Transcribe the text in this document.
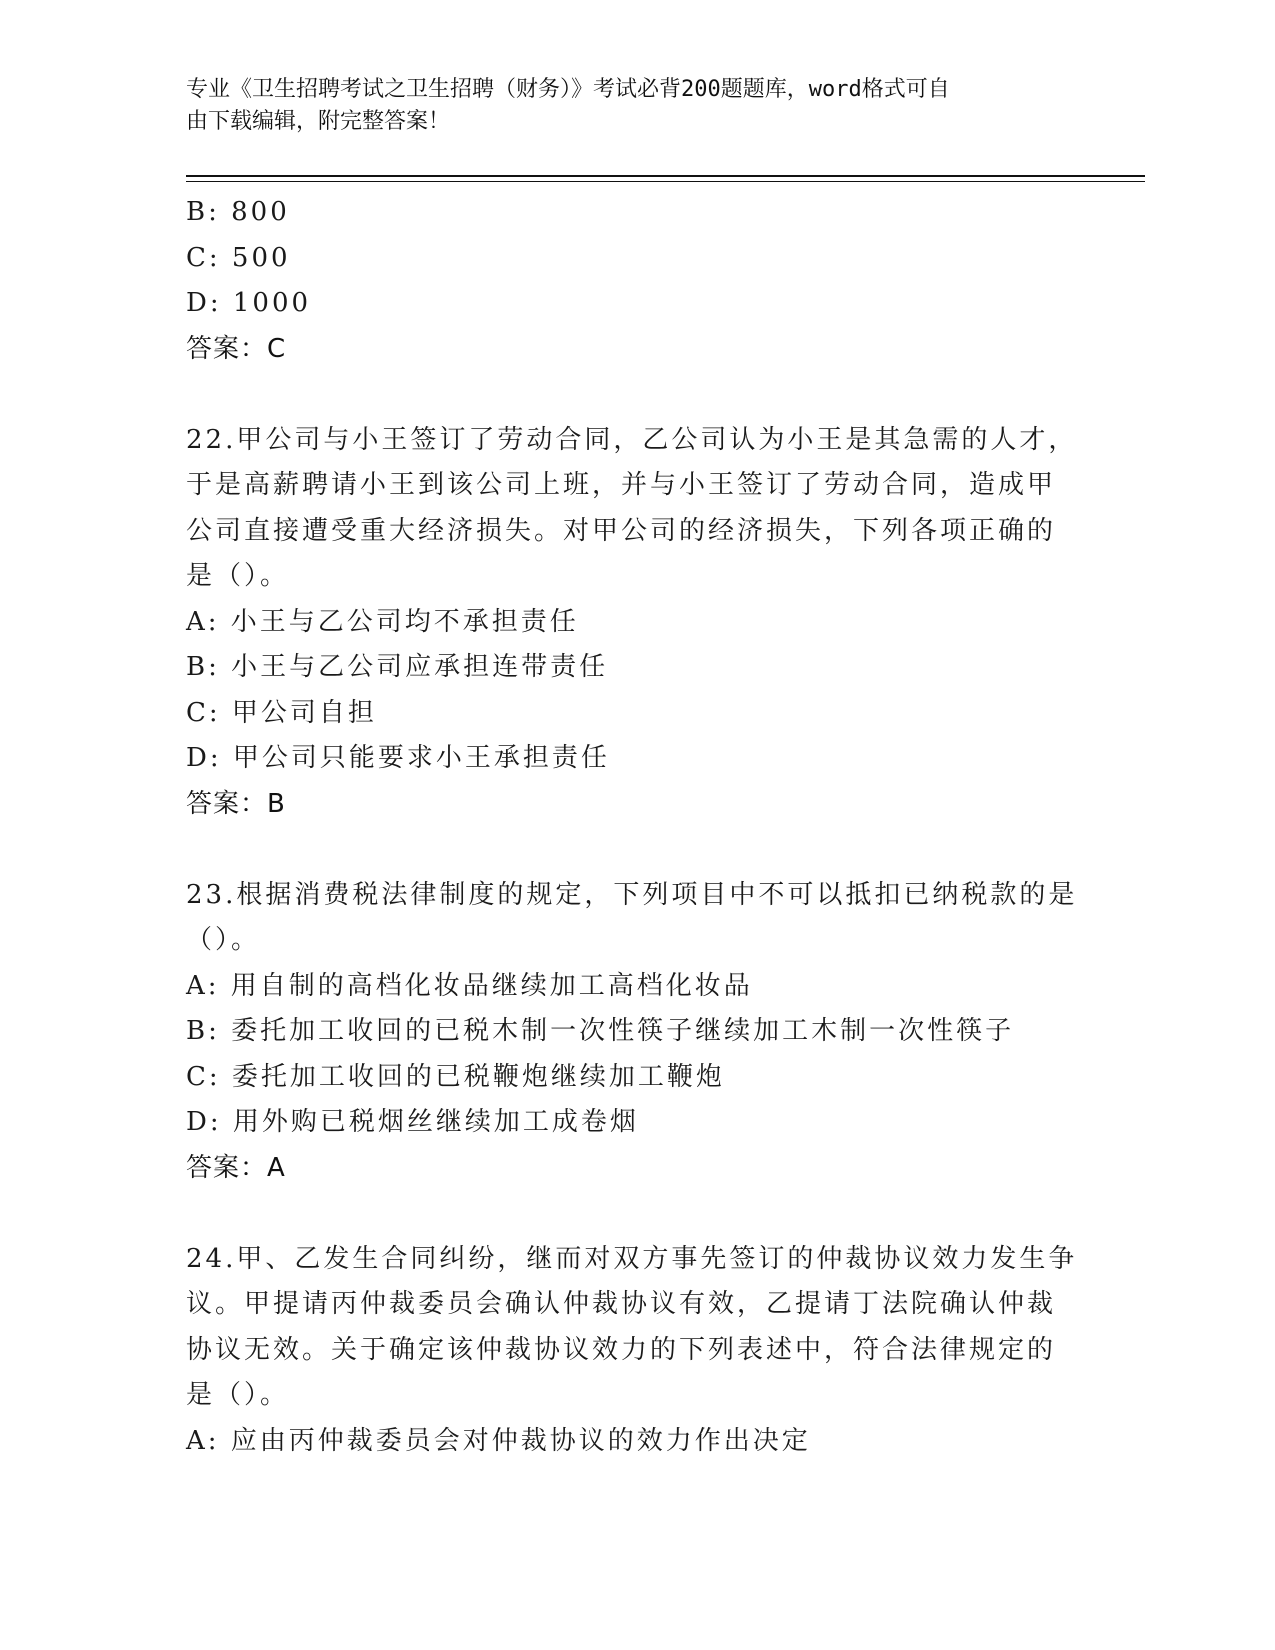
专业《卫生招聘考试之卫生招聘（财务）》考试必背200题题库，word格式可自
由下载编辑，附完整答案！
B: 800
C: 500
D: 1000
答案：C
22.甲公司与小王签订了劳动合同，乙公司认为小王是其急需的人才，
于是高薪聘请小王到该公司上班，并与小王签订了劳动合同，造成甲
公司直接遭受重大经济损失。对甲公司的经济损失，下列各项正确的
是（）。
A: 小王与乙公司均不承担责任
B: 小王与乙公司应承担连带责任
C: 甲公司自担
D: 甲公司只能要求小王承担责任
答案：B
23.根据消费税法律制度的规定，下列项目中不可以抵扣已纳税款的是
（）。
A: 用自制的高档化妆品继续加工高档化妆品
B: 委托加工收回的已税木制一次性筷子继续加工木制一次性筷子
C: 委托加工收回的已税鞭炮继续加工鞭炮
D: 用外购已税烟丝继续加工成卷烟
答案：A
24.甲、乙发生合同纠纷，继而对双方事先签订的仲裁协议效力发生争
议。甲提请丙仲裁委员会确认仲裁协议有效，乙提请丁法院确认仲裁
协议无效。关于确定该仲裁协议效力的下列表述中，符合法律规定的
是（）。
A: 应由丙仲裁委员会对仲裁协议的效力作出决定
